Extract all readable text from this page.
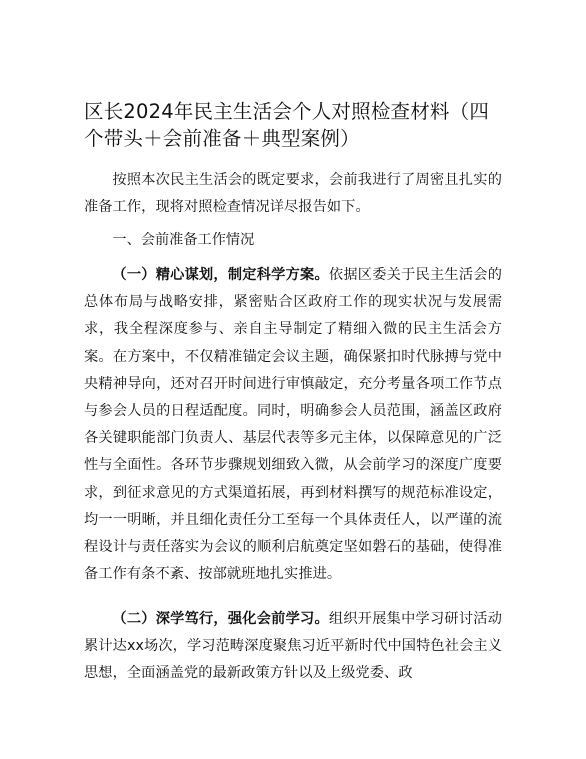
区长2024年民主生活会个人对照检查材料（四个带头＋会前准备＋典型案例）

按照本次民主生活会的既定要求，会前我进行了周密且扎实的准备工作，现将对照检查情况详尽报告如下。

一、会前准备工作情况

（一）精心谋划，制定科学方案。依据区委关于民主生活会的总体布局与战略安排，紧密贴合区政府工作的现实状况与发展需求，我全程深度参与、亲自主导制定了精细入微的民主生活会方案。在方案中，不仅精准锚定会议主题，确保紧扣时代脉搏与党中央精神导向，还对召开时间进行审慎敲定，充分考量各项工作节点与参会人员的日程适配度。同时，明确参会人员范围，涵盖区政府各关键职能部门负责人、基层代表等多元主体，以保障意见的广泛性与全面性。各环节步骤规划细致入微，从会前学习的深度广度要求，到征求意见的方式渠道拓展，再到材料撰写的规范标准设定，均一一明晰，并且细化责任分工至每一个具体责任人，以严谨的流程设计与责任落实为会议的顺利启航奠定坚如磐石的基础，使得准备工作有条不紊、按部就班地扎实推进。

（二）深学笃行，强化会前学习。组织开展集中学习研讨活动累计达xx场次，学习范畴深度聚焦习近平新时代中国特色社会主义思想，全面涵盖党的最新政策方针以及上级党委、政
